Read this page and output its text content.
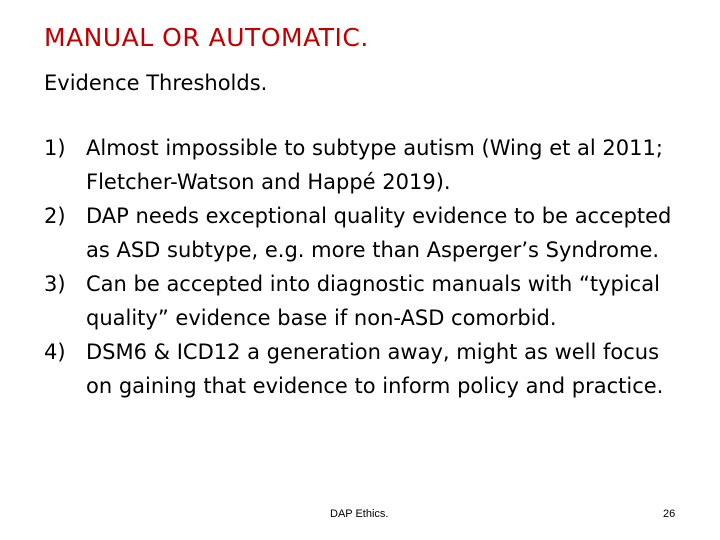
MANUAL OR AUTOMATIC.
Evidence Thresholds.
1) Almost impossible to subtype autism (Wing et al 2011; Fletcher-Watson and Happé 2019).
2) DAP needs exceptional quality evidence to be accepted as ASD subtype, e.g. more than Asperger’s Syndrome.
3) Can be accepted into diagnostic manuals with “typical quality” evidence base if non-ASD comorbid.
4) DSM6 & ICD12 a generation away, might as well focus on gaining that evidence to inform policy and practice.
DAP Ethics.	26
